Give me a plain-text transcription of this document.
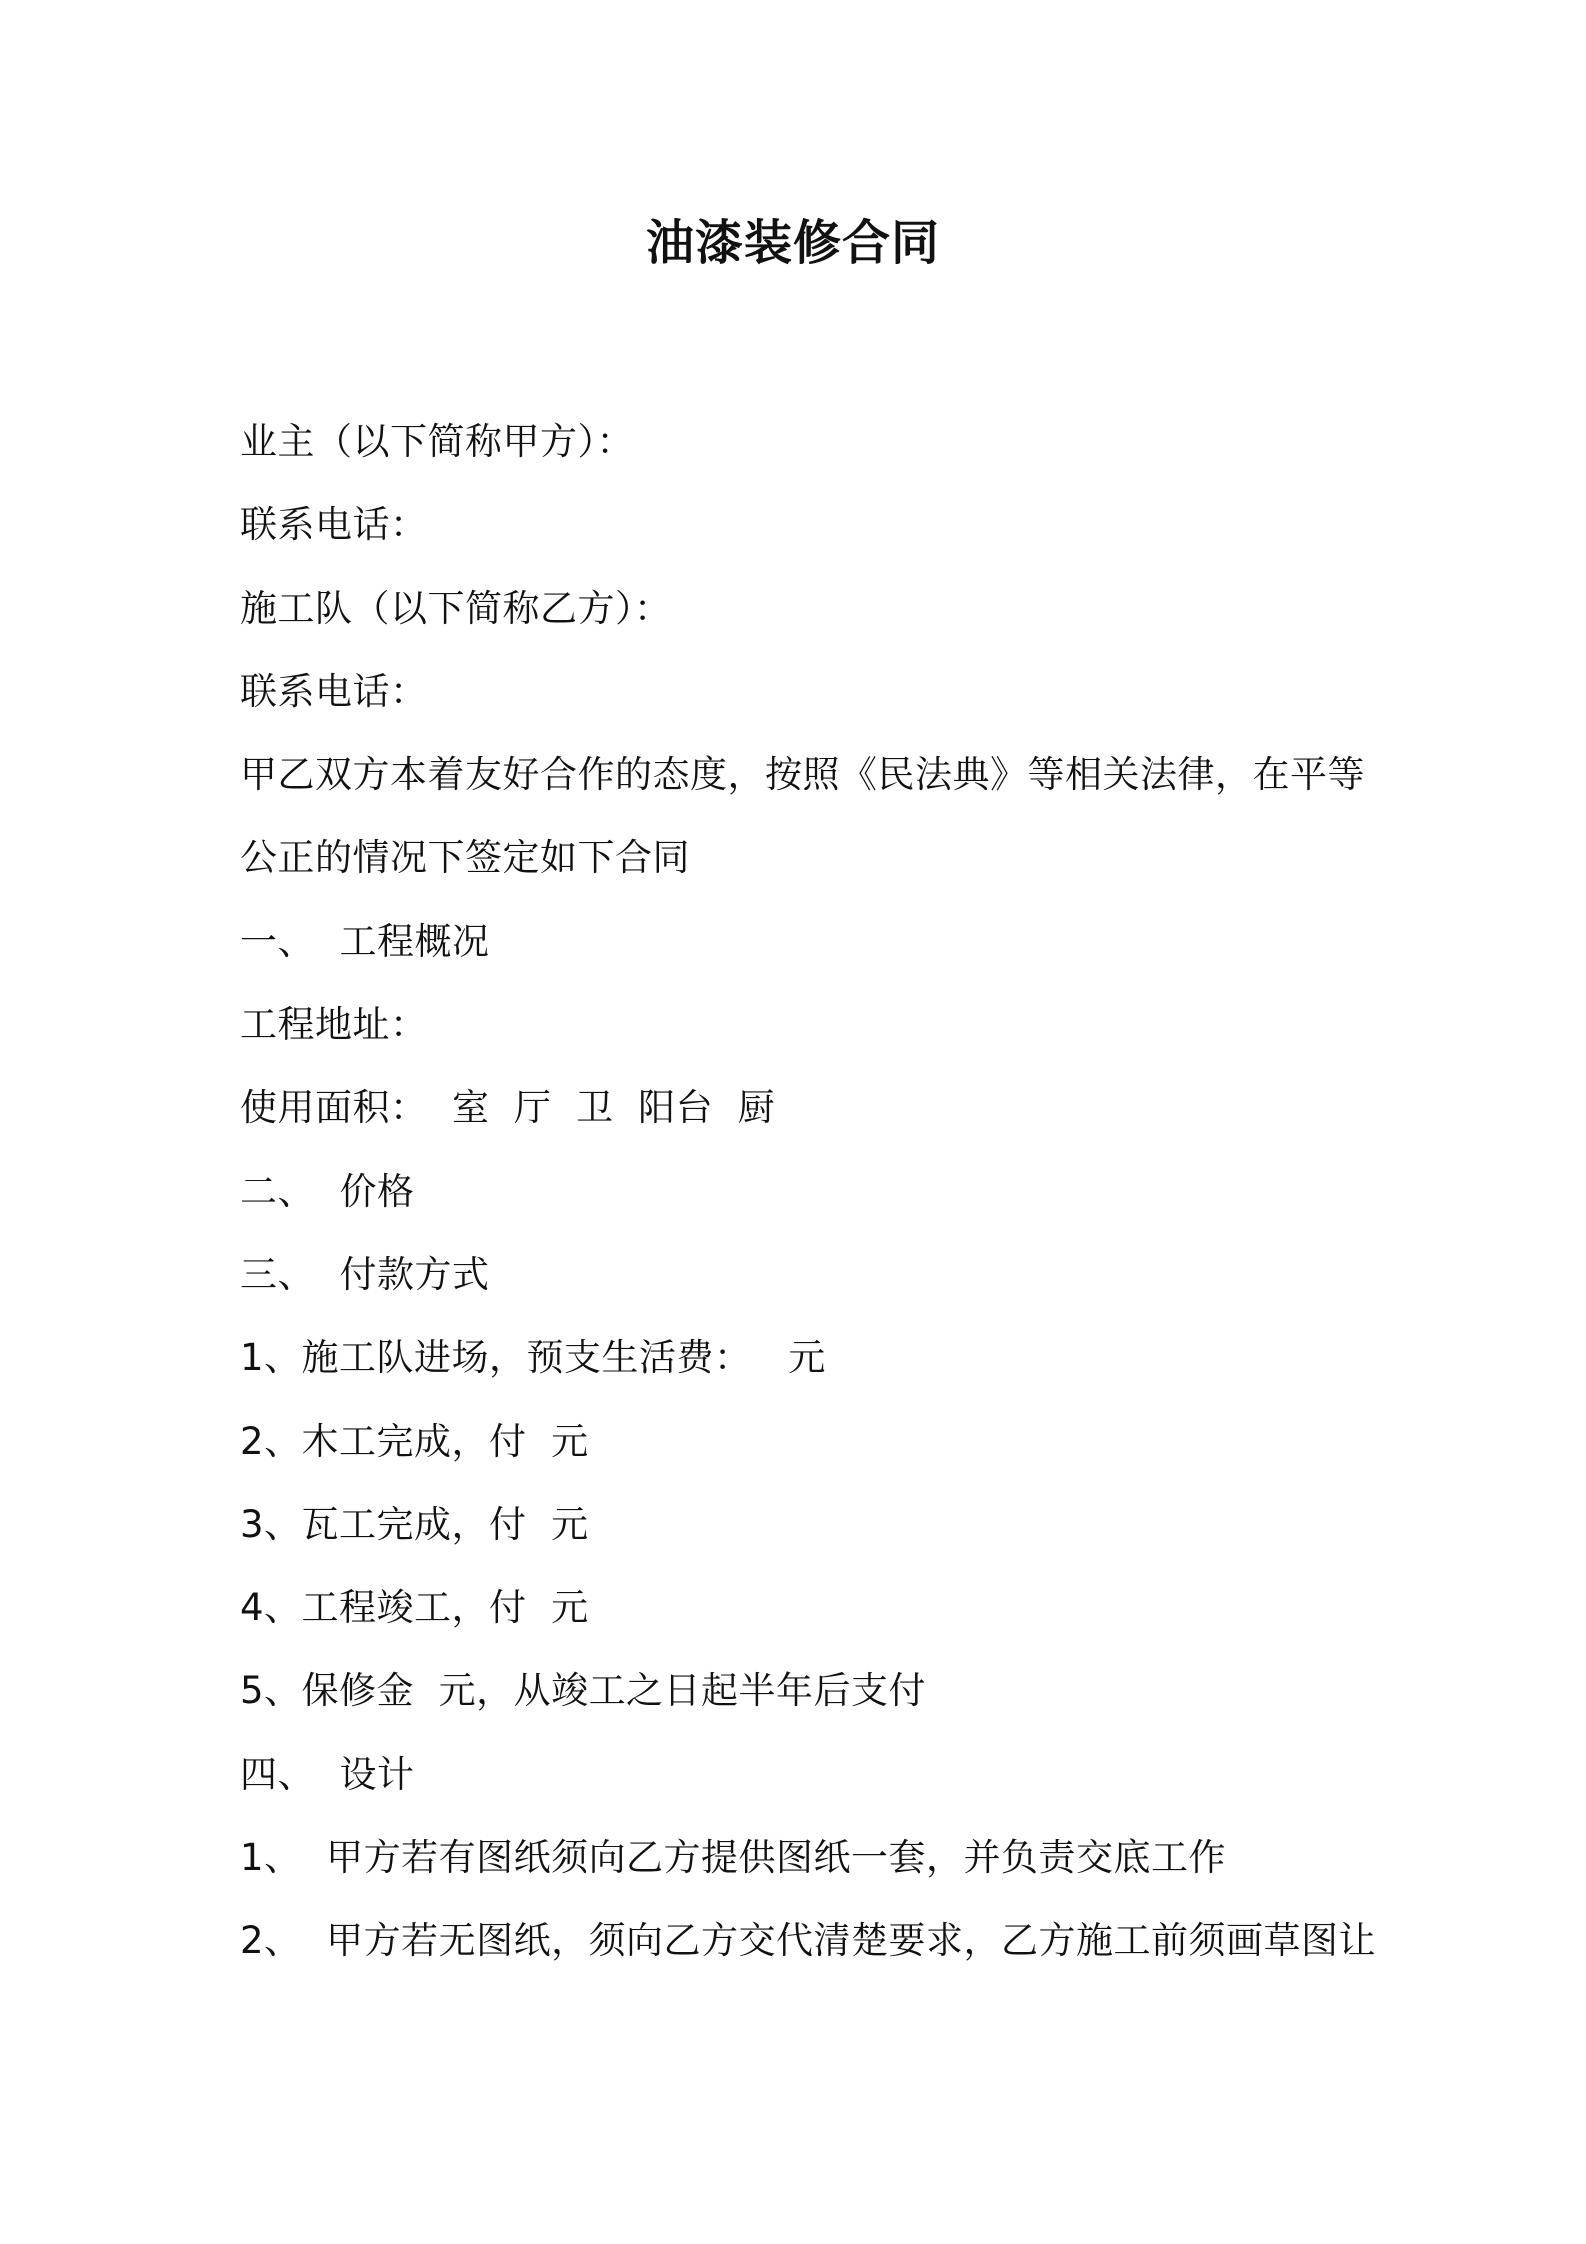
油漆装修合同
业主（以下简称甲方）：
联系电话：
施工队（以下简称乙方）：
联系电话：
甲乙双方本着友好合作的态度，按照《民法典》等相关法律，在平等
公正的情况下签定如下合同
一、  工程概况
工程地址：
使用面积：  室  厅  卫  阳台  厨
二、  价格
三、  付款方式
1、施工队进场，预支生活费：   元
2、木工完成，付  元
3、瓦工完成，付  元
4、工程竣工，付  元
5、保修金  元，从竣工之日起半年后支付
四、  设计
1、  甲方若有图纸须向乙方提供图纸一套，并负责交底工作
2、  甲方若无图纸，须向乙方交代清楚要求，乙方施工前须画草图让
